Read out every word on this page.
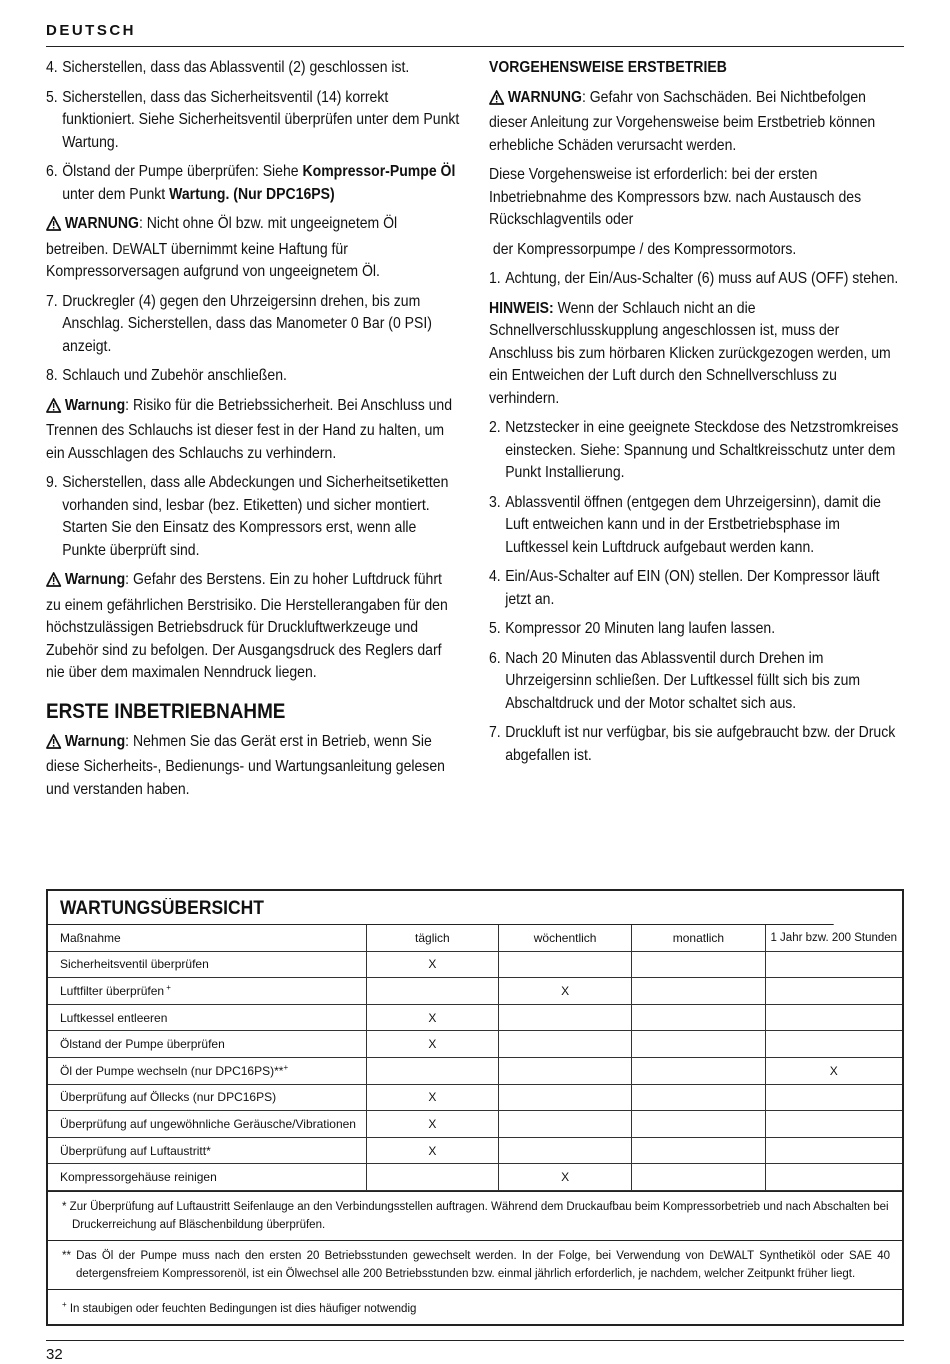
DEUTSCH
4. Sicherstellen, dass das Ablassventil (2) geschlossen ist.
5. Sicherstellen, dass das Sicherheitsventil (14) korrekt funktioniert. Siehe Sicherheitsventil überprüfen unter dem Punkt Wartung.
6. Ölstand der Pumpe überprüfen: Siehe Kompressor-Pumpe Öl unter dem Punkt Wartung. (Nur DPC16PS)

WARNUNG: Nicht ohne Öl bzw. mit ungeeignetem Öl betreiben. DEWALT übernimmt keine Haftung für Kompressorversagen aufgrund von ungeeignetem Öl.

7. Druckregler (4) gegen den Uhrzeigersinn drehen, bis zum Anschlag. Sicherstellen, dass das Manometer 0 Bar (0 PSI) anzeigt.
8. Schlauch und Zubehör anschließen.

Warnung: Risiko für die Betriebssicherheit. Bei Anschluss und Trennen des Schlauchs ist dieser fest in der Hand zu halten, um ein Ausschlagen des Schlauchs zu verhindern.

9. Sicherstellen, dass alle Abdeckungen und Sicherheitsetiketten vorhanden sind, lesbar (bez. Etiketten) und sicher montiert. Starten Sie den Einsatz des Kompressors erst, wenn alle Punkte überprüft sind.

Warnung: Gefahr des Berstens. Ein zu hoher Luftdruck führt zu einem gefährlichen Berstrisiko. Die Herstellerangaben für den höchstzulässigen Betriebsdruck für Druckluftwerkzeuge und Zubehör sind zu befolgen. Der Ausgangsdruck des Reglers darf nie über dem maximalen Nenndruck liegen.

ERSTE INBETRIEBNAHME

Warnung: Nehmen Sie das Gerät erst in Betrieb, wenn Sie diese Sicherheits-, Bedienungs- und Wartungsanleitung gelesen und verstanden haben.

VORGEHENSWEISE ERSTBETRIEB

WARNUNG: Gefahr von Sachschäden. Bei Nichtbefolgen dieser Anleitung zur Vorgehensweise beim Erstbetrieb können erhebliche Schäden verursacht werden.

Diese Vorgehensweise ist erforderlich: bei der ersten Inbetriebnahme des Kompressors bzw. nach Austausch des Rückschlagventils oder

der Kompressorpumpe / des Kompressormotors.

1. Achtung, der Ein/Aus-Schalter (6) muss auf AUS (OFF) stehen.

HINWEIS: Wenn der Schlauch nicht an die Schnellverschlusskupplung angeschlossen ist, muss der Anschluss bis zum hörbaren Klicken zurückgezogen werden, um ein Entweichen der Luft durch den Schnellverschluss zu verhindern.

2. Netzstecker in eine geeignete Steckdose des Netzstromkreises einstecken. Siehe: Spannung und Schaltkreisschutz unter dem Punkt Installierung.
3. Ablassventil öffnen (entgegen dem Uhrzeigersinn), damit die Luft entweichen kann und in der Erstbetriebsphase im Luftkessel kein Luftdruck aufgebaut werden kann.
4. Ein/Aus-Schalter auf EIN (ON) stellen. Der Kompressor läuft jetzt an.
5. Kompressor 20 Minuten lang laufen lassen.
6. Nach 20 Minuten das Ablassventil durch Drehen im Uhrzeigersinn schließen. Der Luftkessel füllt sich bis zum Abschaltdruck und der Motor schaltet sich aus.
7. Druckluft ist nur verfügbar, bis sie aufgebraucht bzw. der Druck abgefallen ist.
WARTUNGSÜBERSICHT
Maßnahme	täglich	wöchentlich	monatlich	1 Jahr bzw. 200 Stunden
Sicherheitsventil überprüfen	X			
Luftfilter überprüfen +		X		
Luftkessel entleeren	X			
Ölstand der Pumpe überprüfen	X			
Öl der Pumpe wechseln (nur DPC16PS)**+				X
Überprüfung auf Öllecks (nur DPC16PS)	X			
Überprüfung auf ungewöhnliche Geräusche/Vibrationen	X			
Überprüfung auf Luftaustritt*	X			
Kompressorgehäuse reinigen		X		
* Zur Überprüfung auf Luftaustritt Seifenlauge an den Verbindungsstellen auftragen. Während dem Druckaufbau beim Kompressorbetrieb und nach Abschalten bei Druckerreichung auf Bläschenbildung überprüfen.
** Das Öl der Pumpe muss nach den ersten 20 Betriebsstunden gewechselt werden. In der Folge, bei Verwendung von DEWALT Synthetiköl oder SAE 40 detergensfreiem Kompressorenöl, ist ein Ölwechsel alle 200 Betriebsstunden bzw. einmal jährlich erforderlich, je nachdem, welcher Zeitpunkt früher liegt.
+ In staubigen oder feuchten Bedingungen ist dies häufiger notwendig
32
